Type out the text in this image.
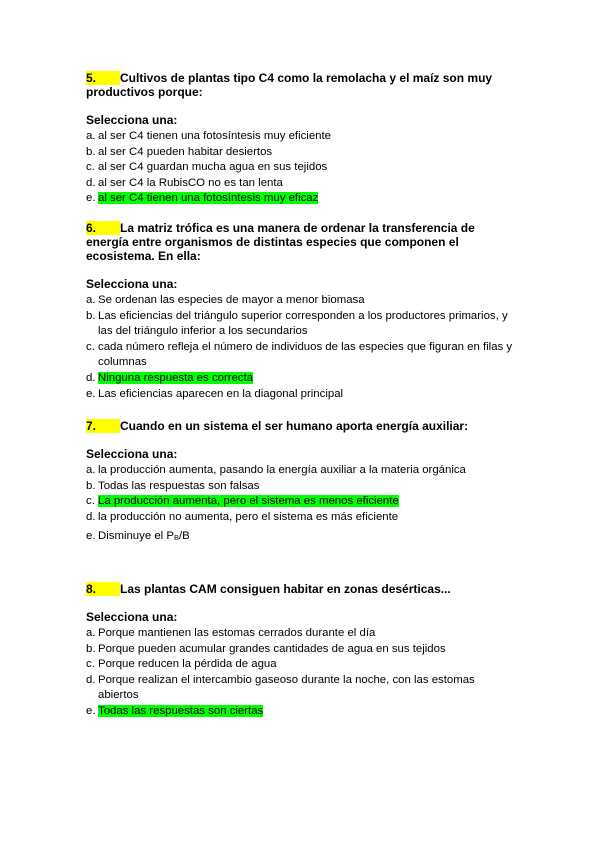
5. Cultivos de plantas tipo C4 como la remolacha y el maíz son muy productivos porque:
Selecciona una:
a. al ser C4 tienen una fotosíntesis muy eficiente
b. al ser C4 pueden habitar desiertos
c. al ser C4 guardan mucha agua en sus tejidos
d. al ser C4 la RubisCO no es tan lenta
e. al ser C4 tienen una fotosíntesis muy eficaz
6. La matriz trófica es una manera de ordenar la transferencia de energía entre organismos de distintas especies que componen el ecosistema. En ella:
Selecciona una:
a. Se ordenan las especies de mayor a menor biomasa
b. Las eficiencias del triángulo superior corresponden a los productores primarios, y las del triángulo inferior a los secundarios
c. cada número refleja el número de individuos de las especies que figuran en filas y columnas
d. Ninguna respuesta es correcta
e. Las eficiencias aparecen en la diagonal principal
7. Cuando en un sistema el ser humano aporta energía auxiliar:
Selecciona una:
a. la producción aumenta, pasando la energía auxiliar a la materia orgánica
b. Todas las respuestas son falsas
c. La producción aumenta, pero el sistema es menos eficiente
d. la producción no aumenta, pero el sistema es más eficiente
e. Disminuye el PB/B
8. Las plantas CAM consiguen habitar en zonas desérticas...
Selecciona una:
a. Porque mantienen las estomas cerrados durante el día
b. Porque pueden acumular grandes cantidades de agua en sus tejidos
c. Porque reducen la pérdida de agua
d. Porque realizan el intercambio gaseoso durante la noche, con las estomas abiertos
e. Todas las respuestas son ciertas
